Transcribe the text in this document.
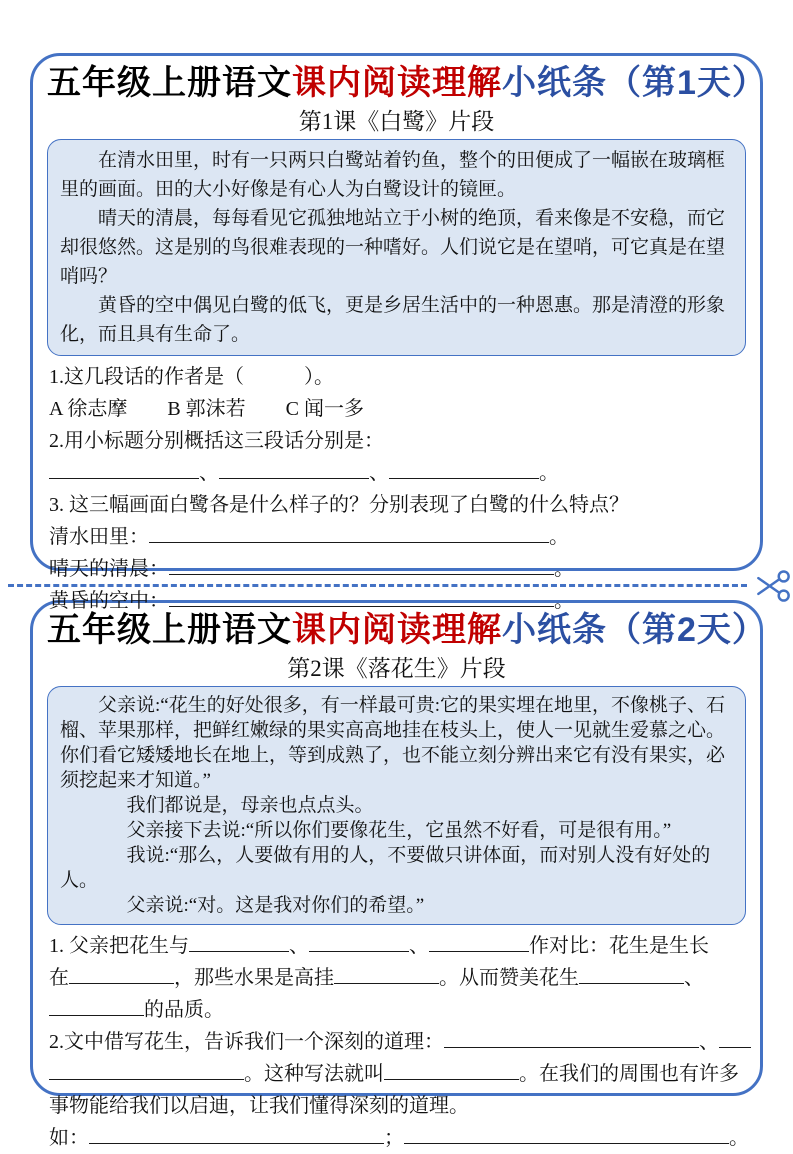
五年级上册语文课内阅读理解小纸条（第1天）
第1课《白鹭》片段

在清水田里，时有一只两只白鹭站着钓鱼，整个的田便成了一幅嵌在玻璃框里的画面。田的大小好像是有心人为白鹭设计的镜匣。

晴天的清晨，每每看见它孤独地站立于小树的绝顶，看来像是不安稳，而它却很悠然。这是别的鸟很难表现的一种嗜好。人们说它是在望哨，可它真是在望哨吗？

黄昏的空中偶见白鹭的低飞，更是乡居生活中的一种恩惠。那是清澄的形象化，而且具有生命了。

1.这几段话的作者是（　　　）。
A 徐志摩　　B 郭沫若　　C 闻一多
2.用小标题分别概括这三段话分别是：
、	、	。
3. 这三幅画面白鹭各是什么样子的？分别表现了白鹭的什么特点？
清水田里：	。
晴天的清晨：	。
黄昏的空中：	。
五年级上册语文课内阅读理解小纸条（第2天）
第2课《落花生》片段

父亲说:“花生的好处很多，有一样最可贵:它的果实埋在地里，不像桃子、石榴、苹果那样，把鲜红嫩绿的果实高高地挂在枝头上，使人一见就生爱慕之心。你们看它矮矮地长在地上，等到成熟了，也不能立刻分辨出来它有没有果实，必须挖起来才知道。”

我们都说是，母亲也点点头。

父亲接下去说:“所以你们要像花生，它虽然不好看，可是很有用。”

我说:“那么，人要做有用的人，不要做只讲体面，而对别人没有好处的人。

父亲说:“对。这是我对你们的希望。”

1. 父亲把花生与	、	、	作对比：花生是生长
在	，那些水果是高挂	。从而赞美花生	、
的品质。
2.文中借写花生，告诉我们一个深刻的道理：	、
。这种写法就叫	。在我们的周围也有许多
事物能给我们以启迪，让我们懂得深刻的道理。
如：	；	。
